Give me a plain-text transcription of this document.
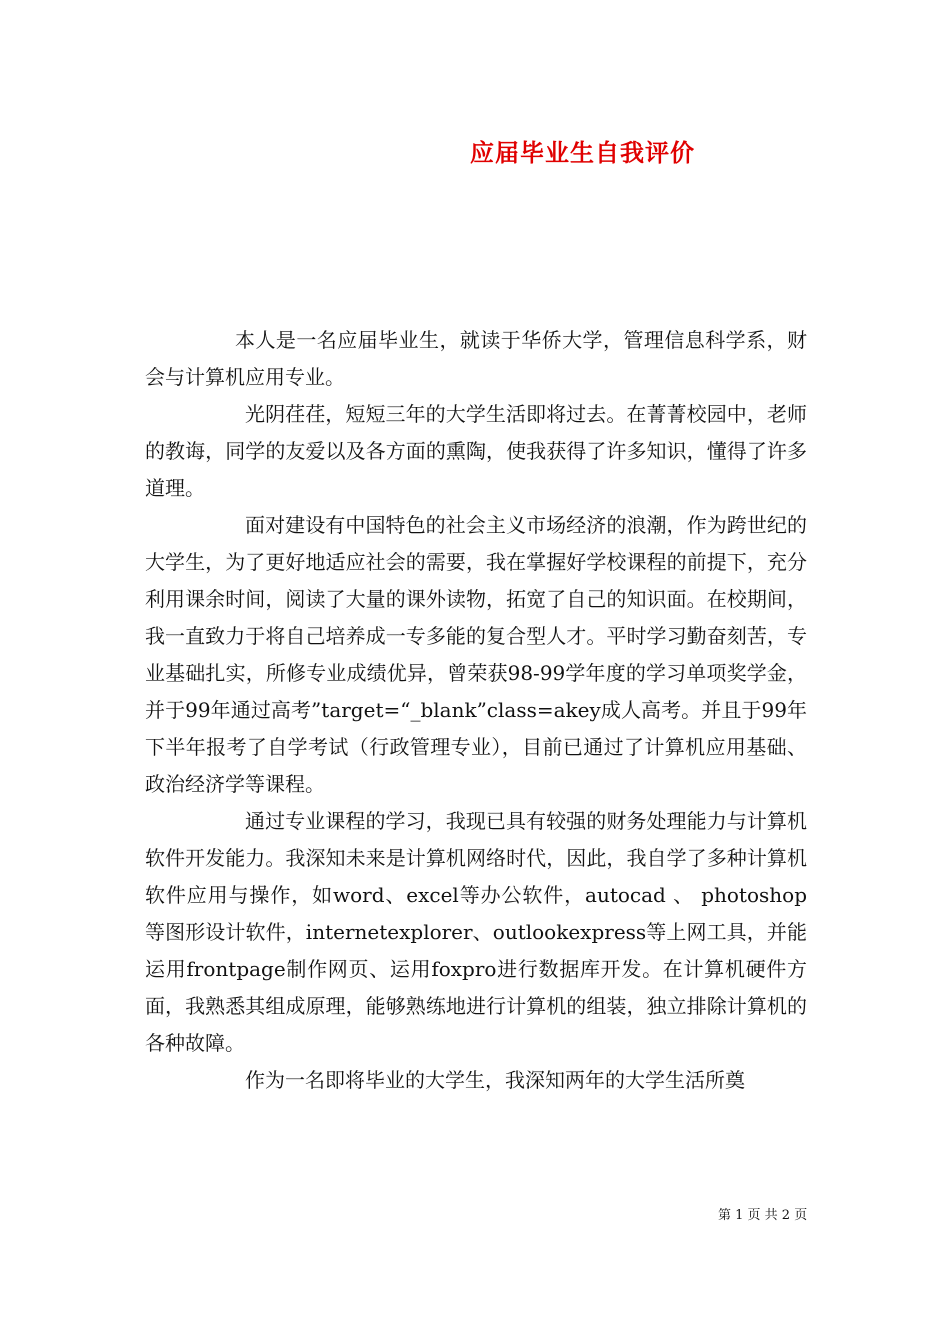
应届毕业生自我评价

本人是一名应届毕业生，就读于华侨大学，管理信息科学系，财会与计算机应用专业。

光阴荏荏，短短三年的大学生活即将过去。在菁菁校园中，老师的教诲，同学的友爱以及各方面的熏陶，使我获得了许多知识，懂得了许多道理。

面对建设有中国特色的社会主义市场经济的浪潮，作为跨世纪的大学生，为了更好地适应社会的需要，我在掌握好学校课程的前提下，充分利用课余时间，阅读了大量的课外读物，拓宽了自己的知识面。在校期间，我一直致力于将自己培养成一专多能的复合型人才。平时学习勤奋刻苦，专业基础扎实，所修专业成绩优异，曾荣获98-99学年度的学习单项奖学金，并于99年通过高考”target=“_blank”class=akey成人高考。并且于99年下半年报考了自学考试（行政管理专业），目前已通过了计算机应用基础、政治经济学等课程。

通过专业课程的学习，我现已具有较强的财务处理能力与计算机软件开发能力。我深知未来是计算机网络时代，因此，我自学了多种计算机软件应用与操作，如word、excel等办公软件，autocad 、 photoshop 等图形设计软件，internetexplorer、outlookexpress等上网工具，并能运用frontpage制作网页、运用foxpro进行数据库开发。在计算机硬件方面，我熟悉其组成原理，能够熟练地进行计算机的组装，独立排除计算机的各种故障。

作为一名即将毕业的大学生，我深知两年的大学生活所奠

第 1 页 共 2 页
